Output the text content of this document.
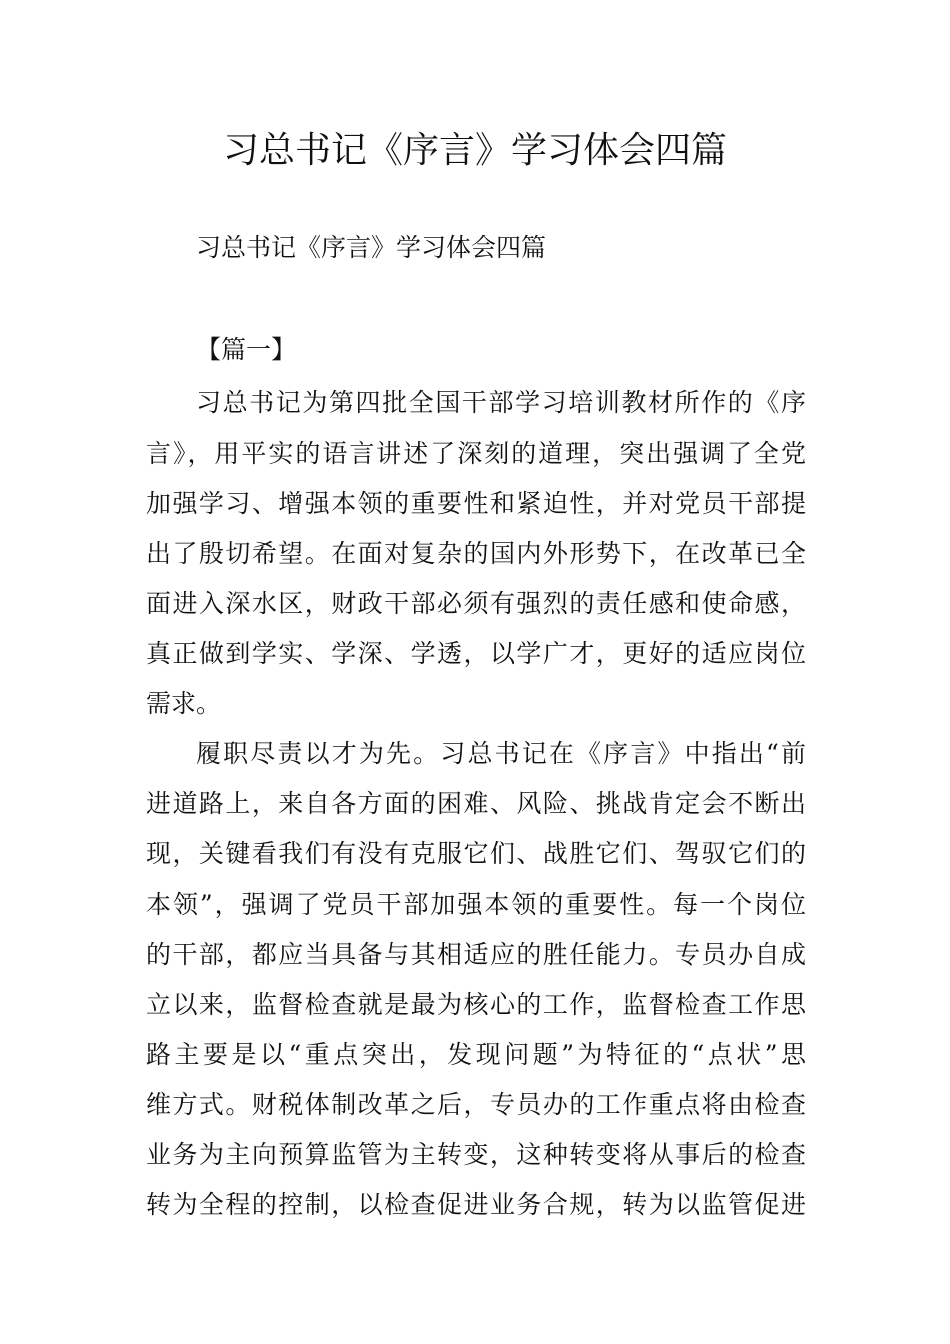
习总书记《序言》学习体会四篇

习总书记《序言》学习体会四篇

【篇一】

习总书记为第四批全国干部学习培训教材所作的《序

言》，用平实的语言讲述了深刻的道理，突出强调了全党

加强学习、增强本领的重要性和紧迫性，并对党员干部提

出了殷切希望。在面对复杂的国内外形势下，在改革已全

面进入深水区，财政干部必须有强烈的责任感和使命感，

真正做到学实、学深、学透，以学广才，更好的适应岗位

需求。

履职尽责以才为先。习总书记在《序言》中指出“前

进道路上，来自各方面的困难、风险、挑战肯定会不断出

现，关键看我们有没有克服它们、战胜它们、驾驭它们的

本领”，强调了党员干部加强本领的重要性。每一个岗位

的干部，都应当具备与其相适应的胜任能力。专员办自成

立以来，监督检查就是最为核心的工作，监督检查工作思

路主要是以“重点突出，发现问题”为特征的“点状”思

维方式。财税体制改革之后，专员办的工作重点将由检查

业务为主向预算监管为主转变，这种转变将从事后的检查

转为全程的控制，以检查促进业务合规，转为以监管促进
